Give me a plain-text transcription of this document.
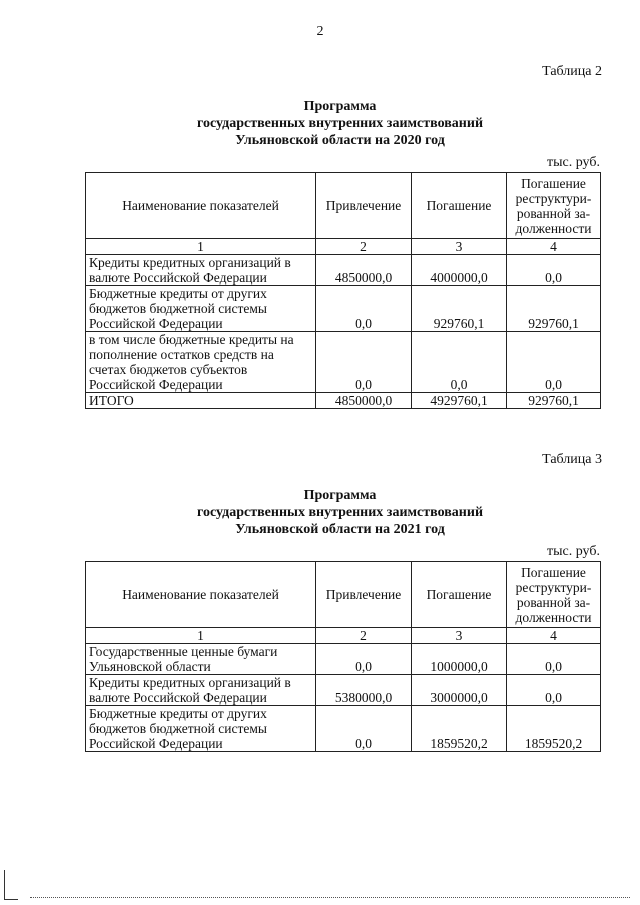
2
Таблица 2
Программа
государственных внутренних заимствований
Ульяновской области на 2020 год
тыс. руб.
Наименование показателей	Привлечение	Погашение	Погашение реструктури-рованной за-долженности
1	2	3	4
Кредиты кредитных организаций в валюте Российской Федерации	4850000,0	4000000,0	0,0
Бюджетные кредиты от других бюджетов бюджетной системы Российской Федерации	0,0	929760,1	929760,1
в том числе бюджетные кредиты на пополнение остатков средств на счетах бюджетов субъектов Российской Федерации	0,0	0,0	0,0
ИТОГО	4850000,0	4929760,1	929760,1
Таблица 3
Программа
государственных внутренних заимствований
Ульяновской области на 2021 год
тыс. руб.
Наименование показателей	Привлечение	Погашение	Погашение реструктури-рованной за-долженности
1	2	3	4
Государственные ценные бумаги Ульяновской области	0,0	1000000,0	0,0
Кредиты кредитных организаций в валюте Российской Федерации	5380000,0	3000000,0	0,0
Бюджетные кредиты от других бюджетов бюджетной системы Российской Федерации	0,0	1859520,2	1859520,2
